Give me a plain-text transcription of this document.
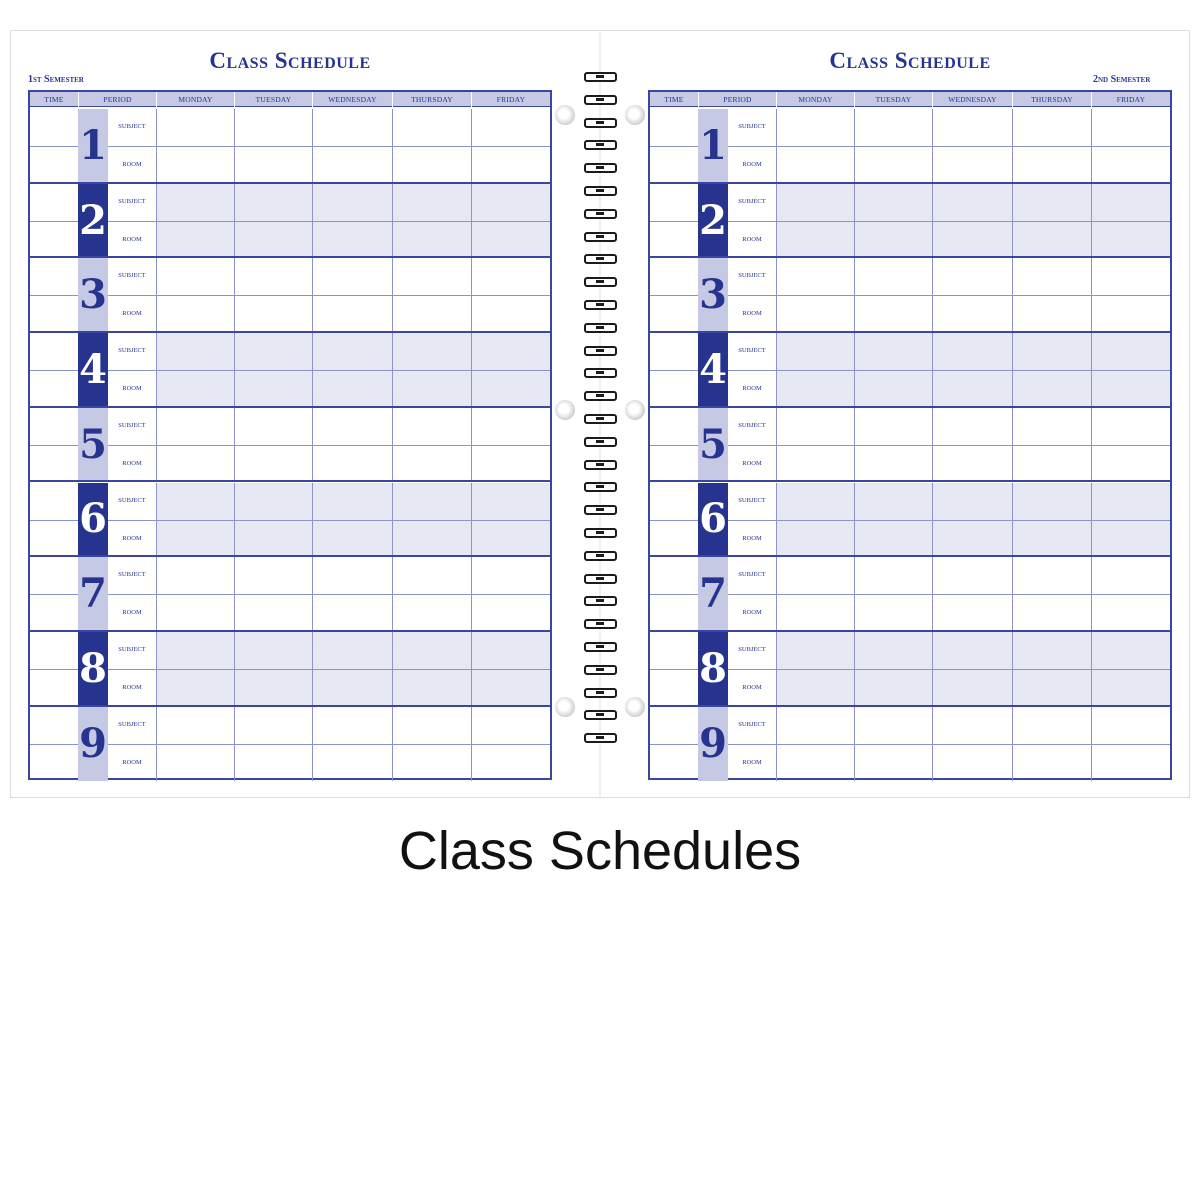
Class Schedule
1st Semester
TIME	PERIOD	MONDAY	TUESDAY	WEDNESDAY	THURSDAY	FRIDAY
1	SUBJECT
ROOM
2	SUBJECT
ROOM
3	SUBJECT
ROOM
4	SUBJECT
ROOM
5	SUBJECT
ROOM
6	SUBJECT
ROOM
7	SUBJECT
ROOM
8	SUBJECT
ROOM
9	SUBJECT
ROOM
Class Schedule
2nd Semester
TIME	PERIOD	MONDAY	TUESDAY	WEDNESDAY	THURSDAY	FRIDAY
1	SUBJECT
ROOM
2	SUBJECT
ROOM
3	SUBJECT
ROOM
4	SUBJECT
ROOM
5	SUBJECT
ROOM
6	SUBJECT
ROOM
7	SUBJECT
ROOM
8	SUBJECT
ROOM
9	SUBJECT
ROOM
Class Schedules
